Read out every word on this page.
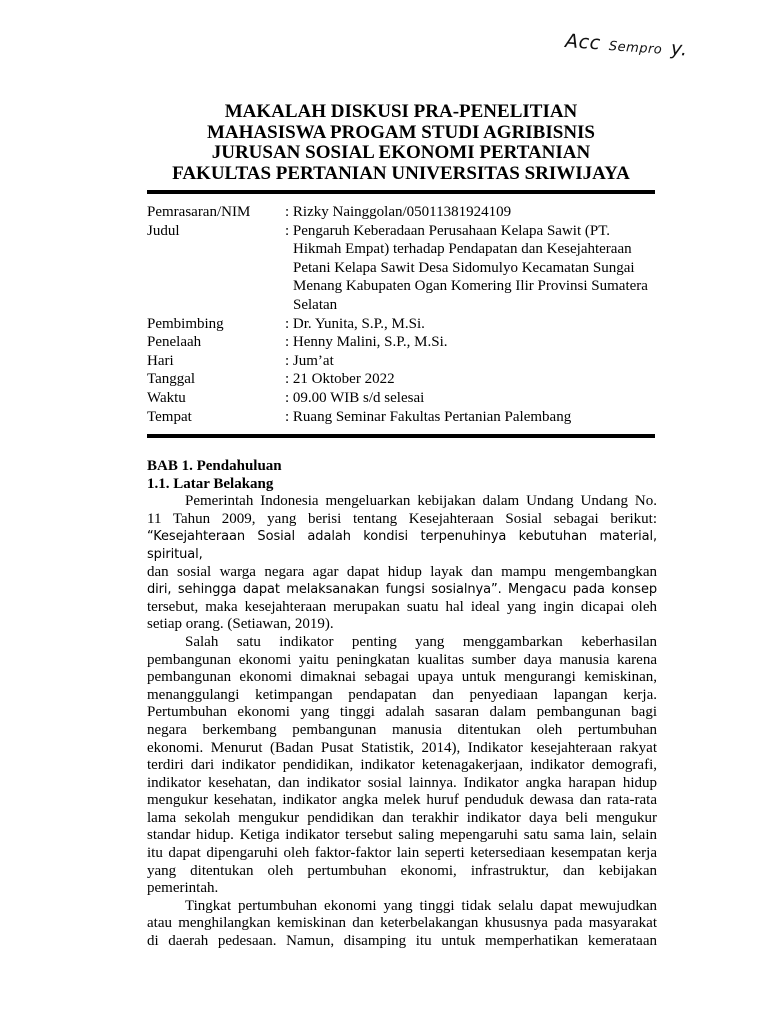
Acc Sempro y.
MAKALAH DISKUSI PRA-PENELITIAN
MAHASISWA PROGAM STUDI AGRIBISNIS
JURUSAN SOSIAL EKONOMI PERTANIAN
FAKULTAS PERTANIAN UNIVERSITAS SRIWIJAYA
Pemrasaran/NIM	: Rizky Nainggolan/05011381924109
Judul	: Pengaruh Keberadaan Perusahaan Kelapa Sawit (PT.
Hikmah Empat) terhadap Pendapatan dan Kesejahteraan
Petani Kelapa Sawit Desa Sidomulyo Kecamatan Sungai
Menang Kabupaten Ogan Komering Ilir Provinsi Sumatera
Selatan
Pembimbing	: Dr. Yunita, S.P., M.Si.
Penelaah	: Henny Malini, S.P., M.Si.
Hari	: Jum’at
Tanggal	: 21 Oktober 2022
Waktu	: 09.00 WIB s/d selesai
Tempat	: Ruang Seminar Fakultas Pertanian Palembang
BAB 1. Pendahuluan
1.1. Latar Belakang
Pemerintah Indonesia mengeluarkan kebijakan dalam Undang Undang No.
11 Tahun 2009, yang berisi tentang Kesejahteraan Sosial sebagai berikut:
“Kesejahteraan Sosial adalah kondisi terpenuhinya kebutuhan material, spiritual,
dan sosial warga negara agar dapat hidup layak dan mampu mengembangkan
diri, sehingga dapat melaksanakan fungsi sosialnya”. Mengacu pada konsep
tersebut, maka kesejahteraan merupakan suatu hal ideal yang ingin dicapai oleh
setiap orang. (Setiawan, 2019).
Salah satu indikator penting yang menggambarkan keberhasilan
pembangunan ekonomi yaitu peningkatan kualitas sumber daya manusia karena
pembangunan ekonomi dimaknai sebagai upaya untuk mengurangi kemiskinan,
menanggulangi ketimpangan pendapatan dan penyediaan lapangan kerja.
Pertumbuhan ekonomi yang tinggi adalah sasaran dalam pembangunan bagi
negara berkembang pembangunan manusia ditentukan oleh pertumbuhan
ekonomi. Menurut (Badan Pusat Statistik, 2014), Indikator kesejahteraan rakyat
terdiri dari indikator pendidikan, indikator ketenagakerjaan, indikator demografi,
indikator kesehatan, dan indikator sosial lainnya. Indikator angka harapan hidup
mengukur kesehatan, indikator angka melek huruf penduduk dewasa dan rata-rata
lama sekolah mengukur pendidikan dan terakhir indikator daya beli mengukur
standar hidup. Ketiga indikator tersebut saling mepengaruhi satu sama lain, selain
itu dapat dipengaruhi oleh faktor-faktor lain seperti ketersediaan kesempatan kerja
yang ditentukan oleh pertumbuhan ekonomi, infrastruktur, dan kebijakan
pemerintah.
Tingkat pertumbuhan ekonomi yang tinggi tidak selalu dapat mewujudkan
atau menghilangkan kemiskinan dan keterbelakangan khususnya pada masyarakat
di daerah pedesaan. Namun, disamping itu untuk memperhatikan kemerataan
